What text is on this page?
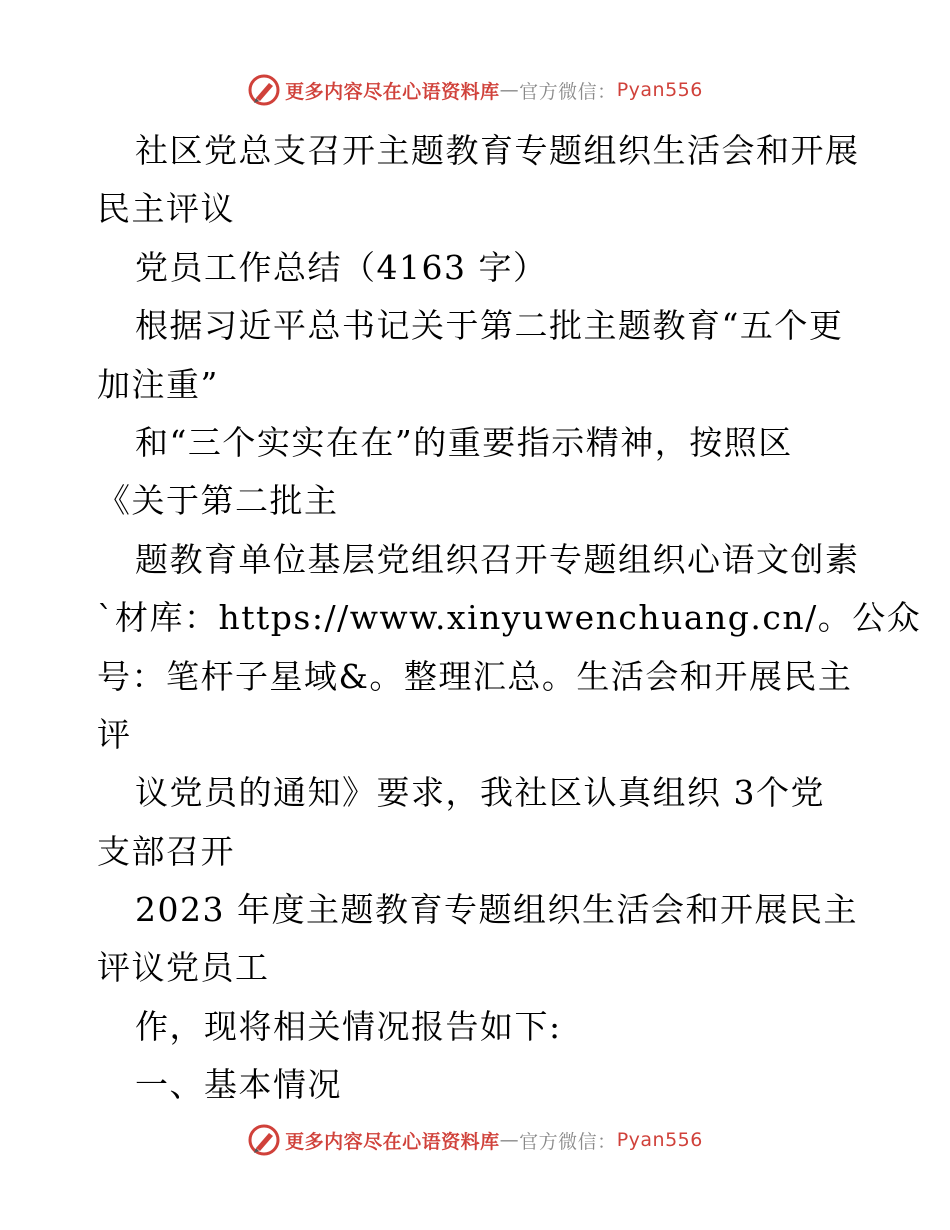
更多内容尽在心语资料库 — 官方微信： Pyan556
社区党总支召开主题教育专题组织生活会和开展
民主评议
党员工作总结（4163 字）
根据习近平总书记关于第二批主题教育“五个更
加注重”
和“三个实实在在”的重要指示精神，按照区
《关于第二批主
题教育单位基层党组织召开专题组织心语文创素
`材库：https://www.xinyuwenchuang.cn/。公众
号：笔杆子星域&。整理汇总。生活会和开展民主
评
议党员的通知》要求，我社区认真组织 3个党
支部召开
2023 年度主题教育专题组织生活会和开展民主
评议党员工
作，现将相关情况报告如下:
一、基本情况
更多内容尽在心语资料库 — 官方微信： Pyan556
